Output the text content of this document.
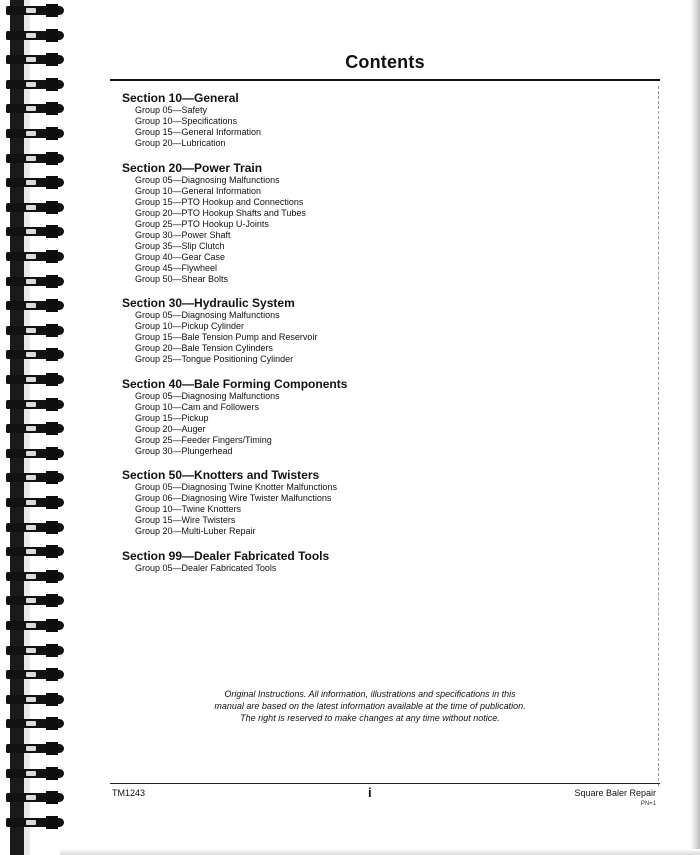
Contents
Section 10—General
Group 05—Safety
Group 10—Specifications
Group 15—General Information
Group 20—Lubrication
Section 20—Power Train
Group 05—Diagnosing Malfunctions
Group 10—General Information
Group 15—PTO Hookup and Connections
Group 20—PTO Hookup Shafts and Tubes
Group 25—PTO Hookup U-Joints
Group 30—Power Shaft
Group 35—Slip Clutch
Group 40—Gear Case
Group 45—Flywheel
Group 50—Shear Bolts
Section 30—Hydraulic System
Group 05—Diagnosing Malfunctions
Group 10—Pickup Cylinder
Group 15—Bale Tension Pump and Reservoir
Group 20—Bale Tension Cylinders
Group 25—Tongue Positioning Cylinder
Section 40—Bale Forming Components
Group 05—Diagnosing Malfunctions
Group 10—Cam and Followers
Group 15—Pickup
Group 20—Auger
Group 25—Feeder Fingers/Timing
Group 30—Plungerhead
Section 50—Knotters and Twisters
Group 05—Diagnosing Twine Knotter Malfunctions
Group 06—Diagnosing Wire Twister Malfunctions
Group 10—Twine Knotters
Group 15—Wire Twisters
Group 20—Multi-Luber Repair
Section 99—Dealer Fabricated Tools
Group 05—Dealer Fabricated Tools
Original Instructions. All information, illustrations and specifications in this
manual are based on the latest information available at the time of publication.
The right is reserved to make changes at any time without notice.
TM1243	i	Square Baler Repair
PN=1
